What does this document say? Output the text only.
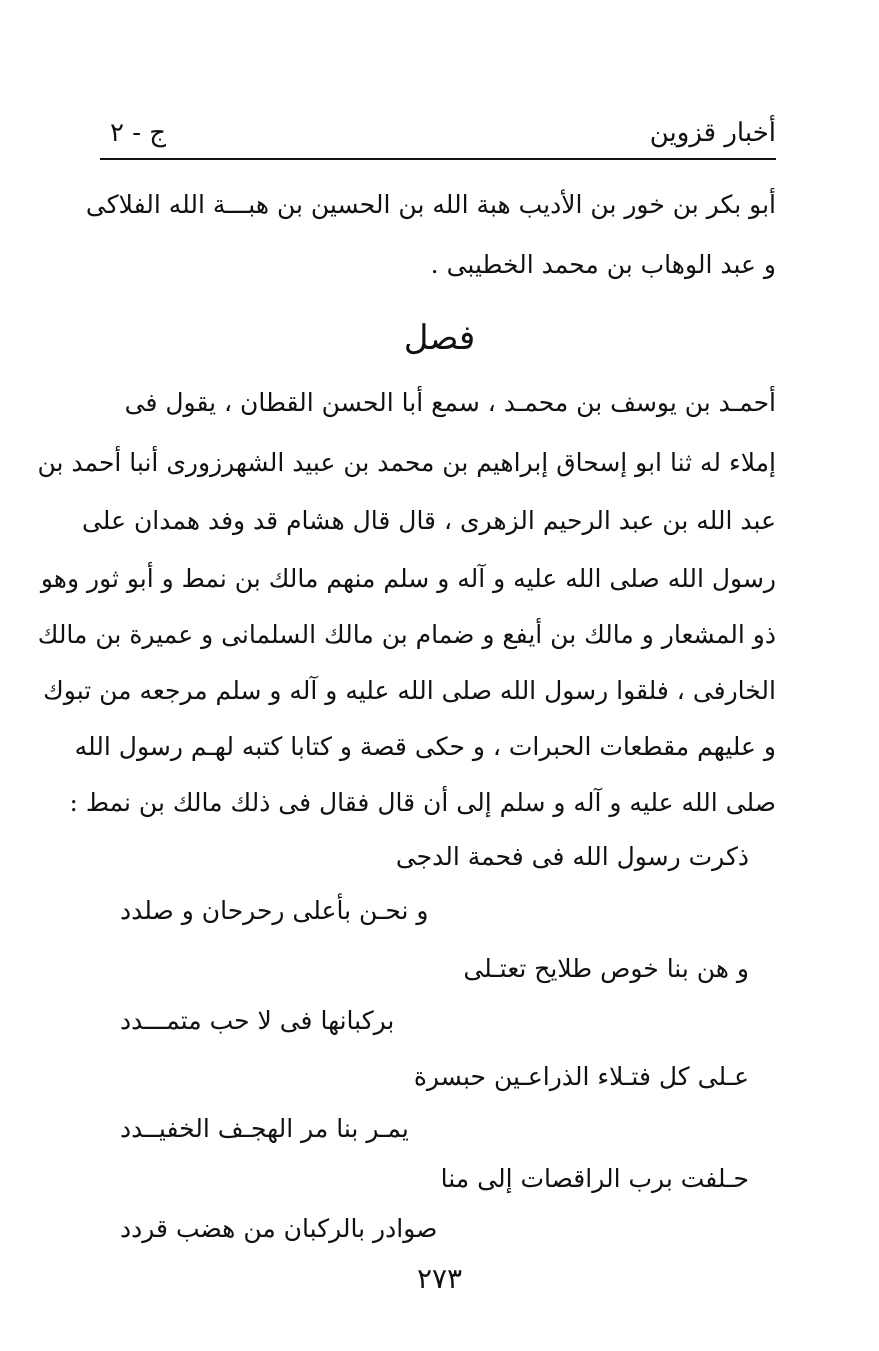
أخبار قزوين
ج - ٢
أبو بكر بن خور بن الأديب هبة الله بن الحسين بن هبـــة الله الفلاكى
و عبد الوهاب بن محمد الخطيبى .
فصل
أحمـد بن يوسف بن محمـد ، سمع أبا الحسن القطان ، يقول فى
إملاء له ثنا ابو إسحاق إبراهيم بن محمد بن عبيد الشهرزورى أنبا أحمد بن
عبد الله بن عبد الرحيم الزهرى ، قال قال هشام قد وفد همدان على
رسول الله صلى الله عليه و آله و سلم منهم مالك بن نمط و أبو ثور وهو
ذو المشعار و مالك بن أيفع و ضمام بن مالك السلمانى و عميرة بن مالك
الخارفى ، فلقوا رسول الله صلى الله عليه و آله و سلم مرجعه من تبوك
و عليهم مقطعات الحبرات ، و حكى قصة و كتابا كتبه لهـم رسول الله
صلى الله عليه و آله و سلم إلى أن قال فقال فى ذلك مالك بن نمط :
ذكرت رسول الله فى فحمة الدجى
و نحـن بأعلى رحرحان و صلدد
و هن بنا خوص طلايح تعتـلى
بركبانها فى لا حب متمـــدد
عـلى كل فتـلاء الذراعـين حبسرة
يمـر بنا مر الهجـف الخفيــدد
حـلفت برب الراقصات إلى منا
صوادر بالركبان من هضب قردد
٢٧٣
